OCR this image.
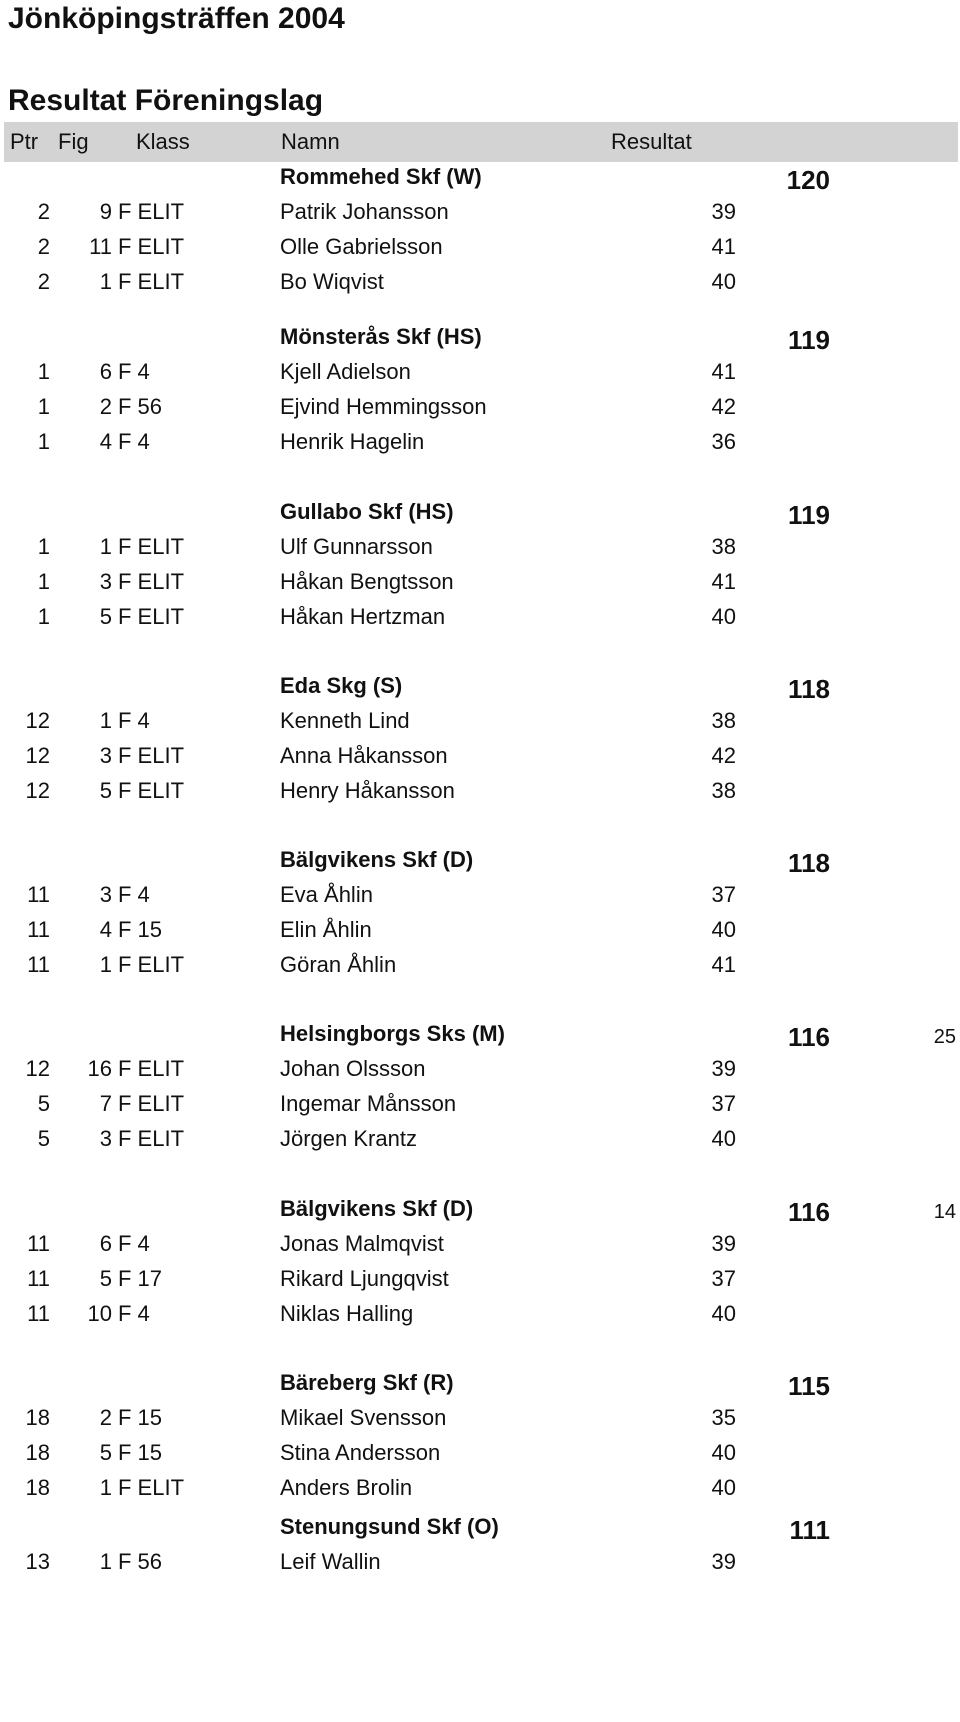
Jönköpingsträffen 2004
Resultat Föreningslag
Ptr Fig Klass	Namn	Resultat
Rommehed Skf (W)	120
2	9 F ELIT	Patrik Johansson	39
2	11 F ELIT	Olle Gabrielsson	41
2	1 F ELIT	Bo Wiqvist	40
Mönsterås Skf (HS)	119
1	6 F 4	Kjell Adielson	41
1	2 F 56	Ejvind Hemmingsson	42
1	4 F 4	Henrik Hagelin	36
Gullabo Skf (HS)	119
1	1 F ELIT	Ulf Gunnarsson	38
1	3 F ELIT	Håkan Bengtsson	41
1	5 F ELIT	Håkan Hertzman	40
Eda Skg (S)	118
12	1 F 4	Kenneth Lind	38
12	3 F ELIT	Anna Håkansson	42
12	5 F ELIT	Henry Håkansson	38
Bälgvikens Skf (D)	118
11	3 F 4	Eva Åhlin	37
11	4 F 15	Elin Åhlin	40
11	1 F ELIT	Göran Åhlin	41
Helsingborgs Sks (M)	116	25
12	16 F ELIT	Johan Olssson	39
5	7 F ELIT	Ingemar Månsson	37
5	3 F ELIT	Jörgen Krantz	40
Bälgvikens Skf (D)	116	14
11	6 F 4	Jonas Malmqvist	39
11	5 F 17	Rikard Ljungqvist	37
11	10 F 4	Niklas Halling	40
Bäreberg Skf (R)	115
18	2 F 15	Mikael Svensson	35
18	5 F 15	Stina Andersson	40
18	1 F ELIT	Anders Brolin	40
Stenungsund Skf (O)	111
13	1 F 56	Leif Wallin	39
